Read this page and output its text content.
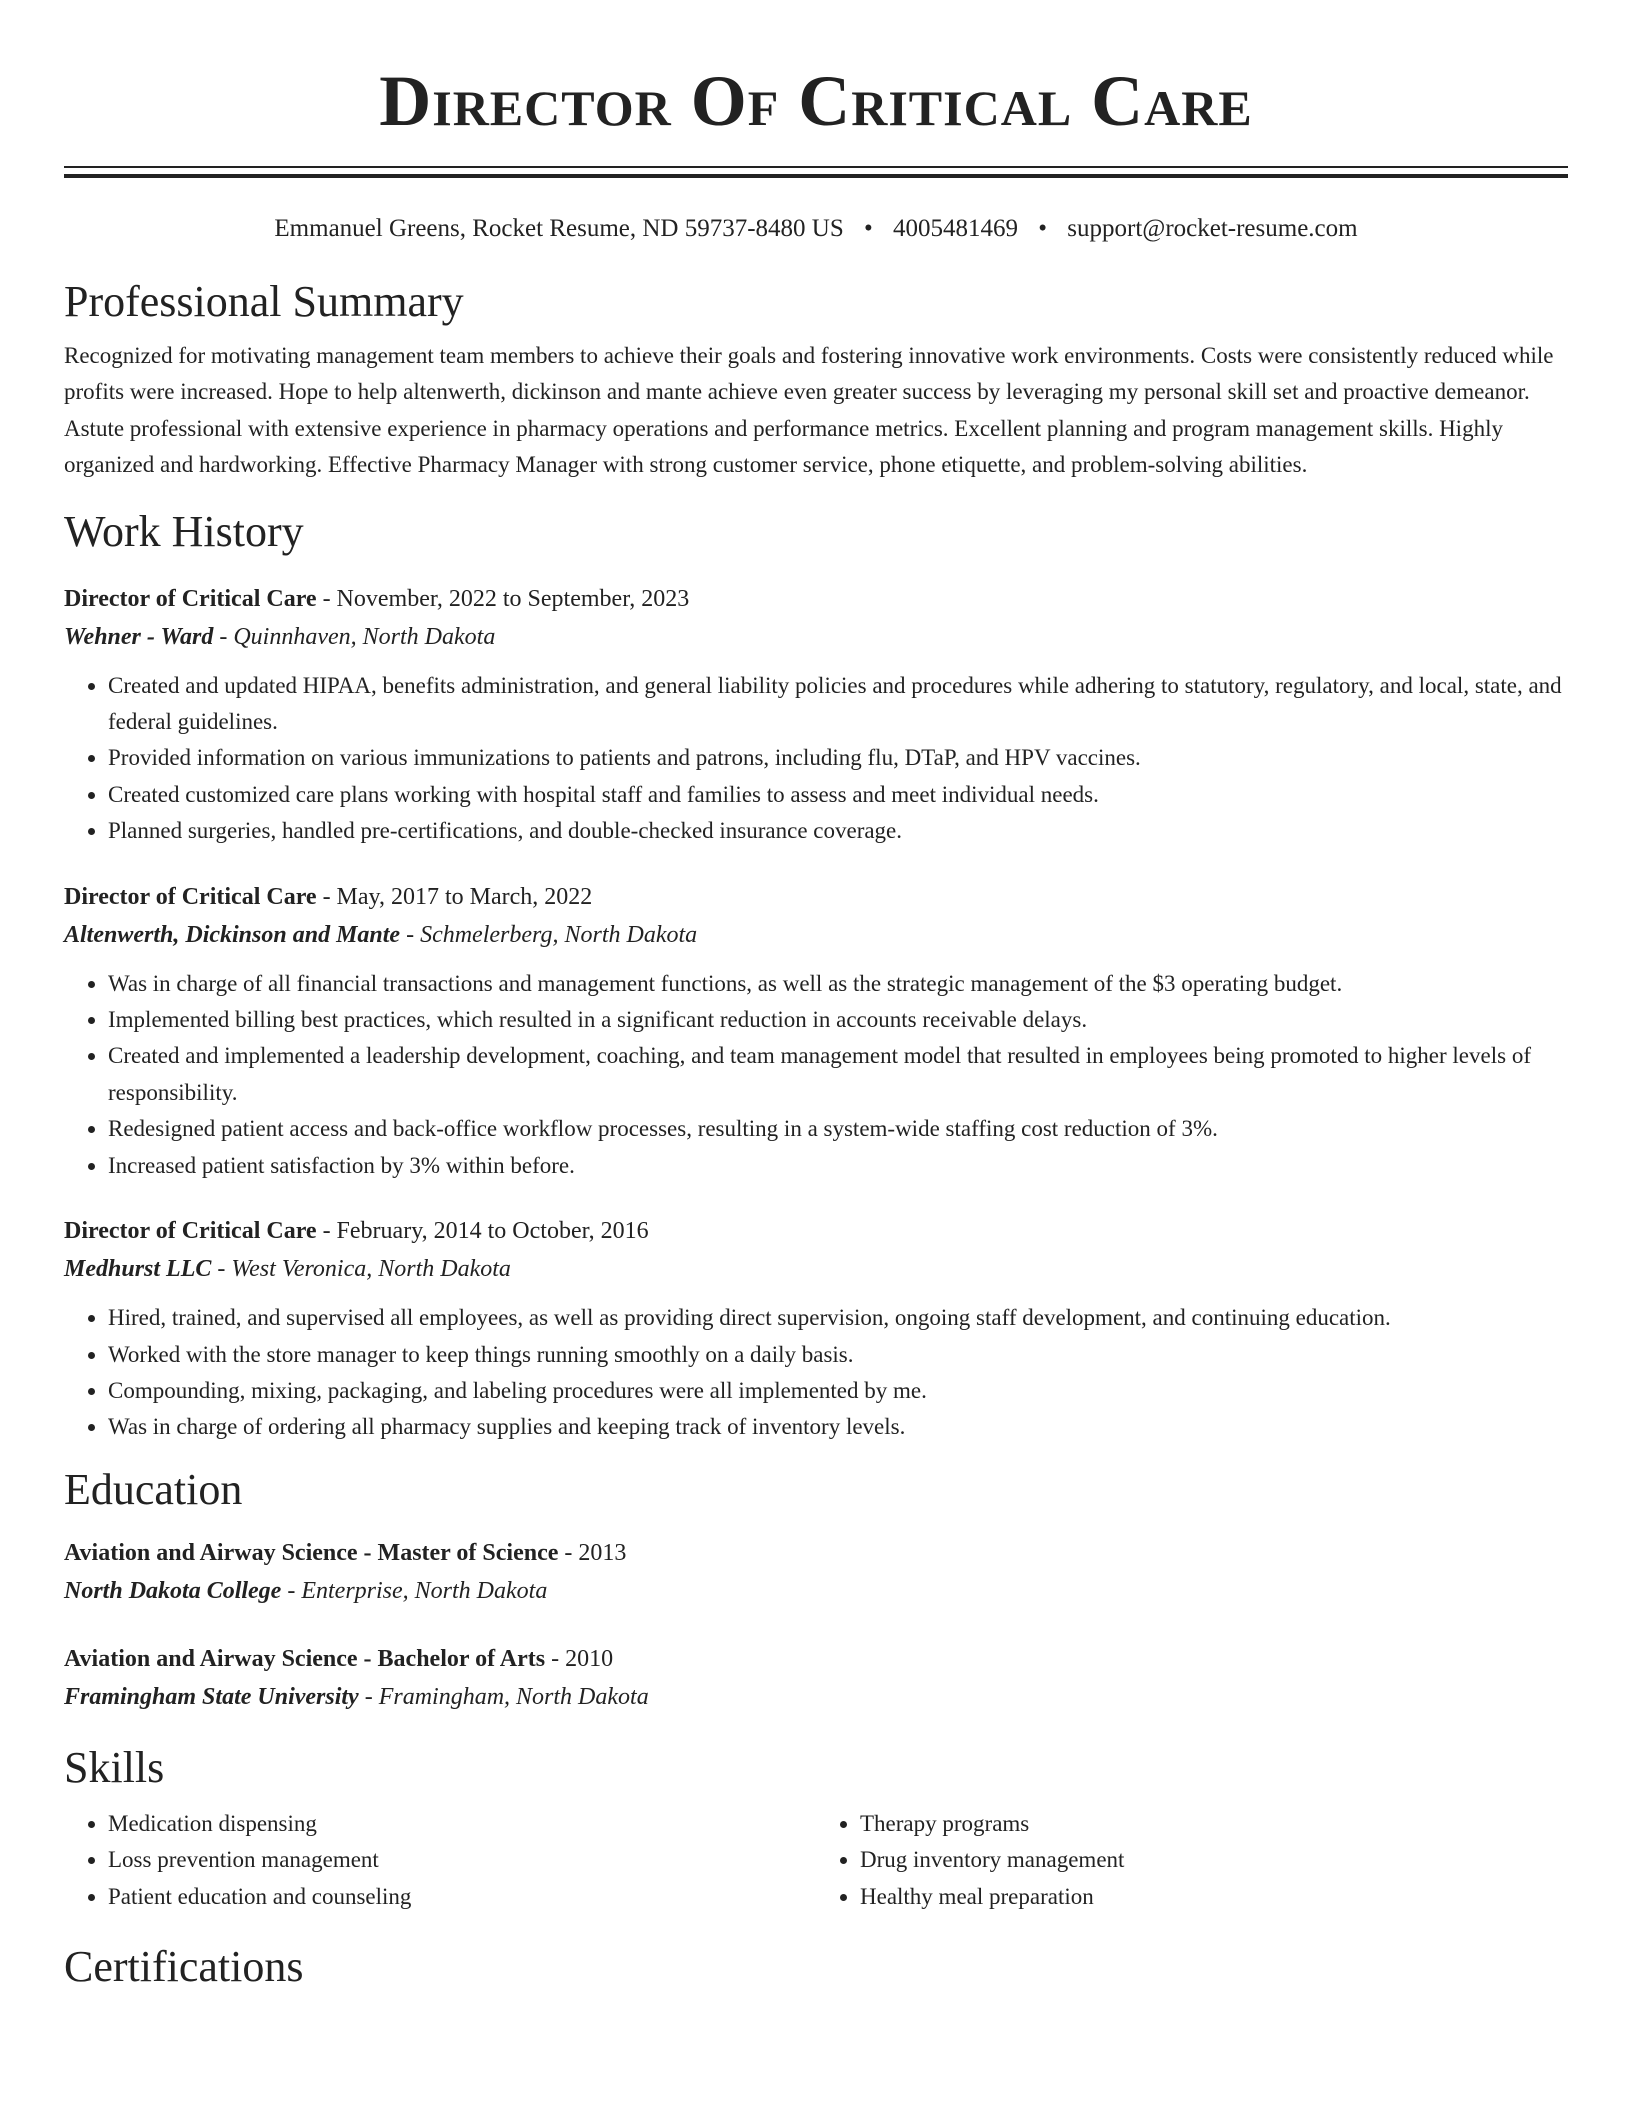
Director Of Critical Care
Emmanuel Greens, Rocket Resume, ND 59737-8480 US • 4005481469 • support@rocket-resume.com
Professional Summary

Recognized for motivating management team members to achieve their goals and fostering innovative work environments. Costs were consistently reduced while profits were increased. Hope to help altenwerth, dickinson and mante achieve even greater success by leveraging my personal skill set and proactive demeanor. Astute professional with extensive experience in pharmacy operations and performance metrics. Excellent planning and program management skills. Highly organized and hardworking. Effective Pharmacy Manager with strong customer service, phone etiquette, and problem-solving abilities.

Work History
Director of Critical Care - November, 2022 to September, 2023
Wehner - Ward - Quinnhaven, North Dakota
• Created and updated HIPAA, benefits administration, and general liability policies and procedures while adhering to statutory, regulatory, and local, state, and federal guidelines.
• Provided information on various immunizations to patients and patrons, including flu, DTaP, and HPV vaccines.
• Created customized care plans working with hospital staff and families to assess and meet individual needs.
• Planned surgeries, handled pre-certifications, and double-checked insurance coverage.
Director of Critical Care - May, 2017 to March, 2022
Altenwerth, Dickinson and Mante - Schmelerberg, North Dakota
• Was in charge of all financial transactions and management functions, as well as the strategic management of the $3 operating budget.
• Implemented billing best practices, which resulted in a significant reduction in accounts receivable delays.
• Created and implemented a leadership development, coaching, and team management model that resulted in employees being promoted to higher levels of responsibility.
• Redesigned patient access and back-office workflow processes, resulting in a system-wide staffing cost reduction of 3%.
• Increased patient satisfaction by 3% within before.
Director of Critical Care - February, 2014 to October, 2016
Medhurst LLC - West Veronica, North Dakota
• Hired, trained, and supervised all employees, as well as providing direct supervision, ongoing staff development, and continuing education.
• Worked with the store manager to keep things running smoothly on a daily basis.
• Compounding, mixing, packaging, and labeling procedures were all implemented by me.
• Was in charge of ordering all pharmacy supplies and keeping track of inventory levels.
Education
Aviation and Airway Science - Master of Science - 2013
North Dakota College - Enterprise, North Dakota
Aviation and Airway Science - Bachelor of Arts - 2010
Framingham State University - Framingham, North Dakota
Skills
• Medication dispensing
• Loss prevention management
• Patient education and counseling
• Therapy programs
• Drug inventory management
• Healthy meal preparation
Certifications
